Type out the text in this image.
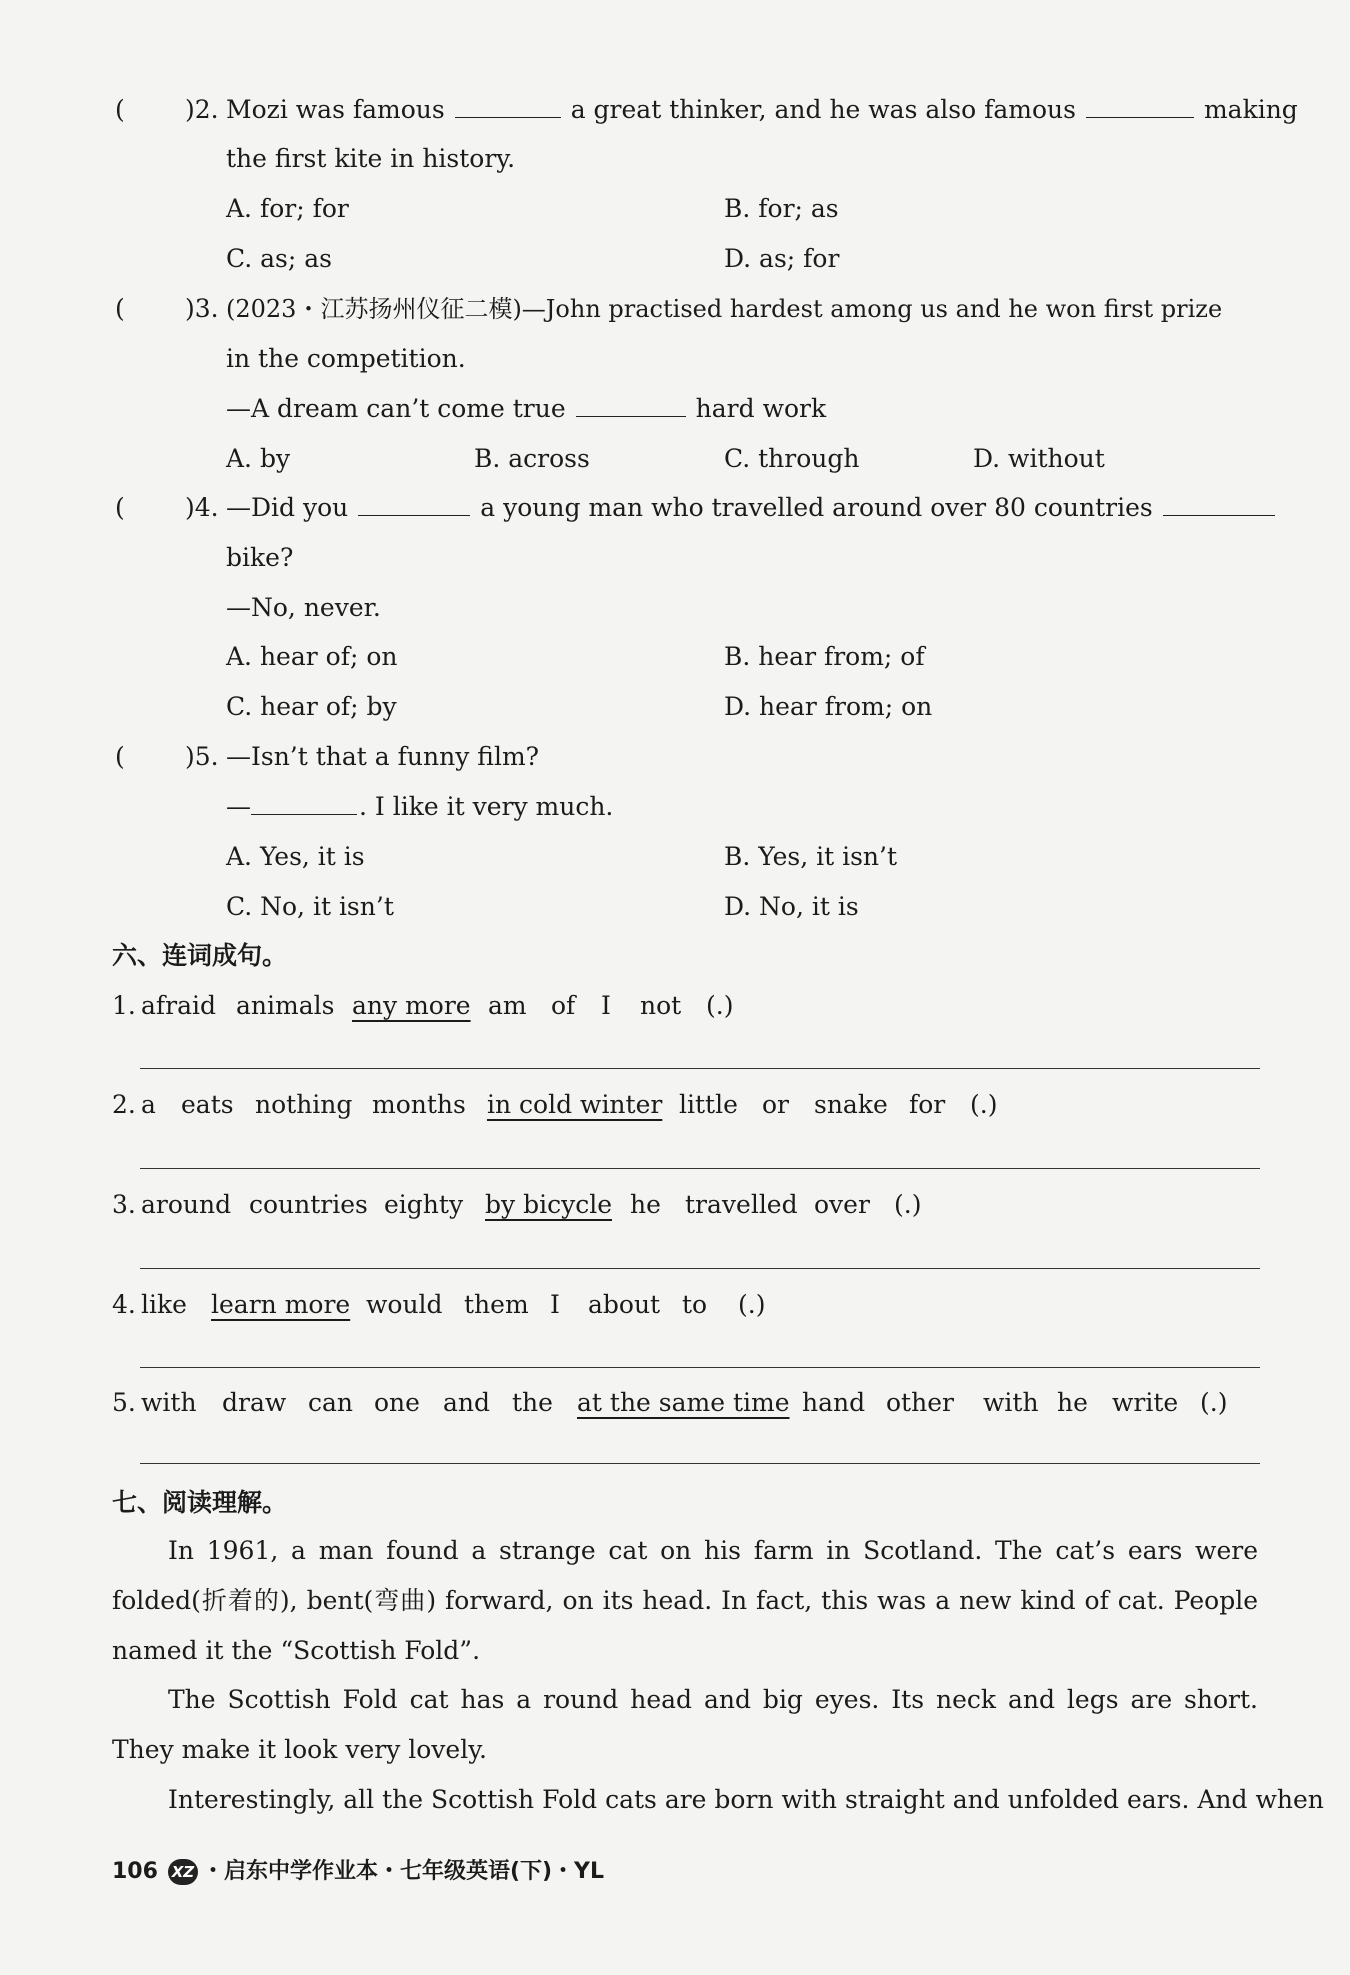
( )2. Mozi was famous	a great thinker, and he was also famous	making
the first kite in history.
A. for; for	B. for; as
C. as; as	D. as; for
( )3. (2023・江苏扬州仪征二模)—John practised hardest among us and he won first prize
in the competition.
—A dream can’t come true	hard work
A. by	B. across	C. through	D. without
( )4. —Did you	a young man who travelled around over 80 countries
bike?
—No, never.
A. hear of; on	B. hear from; of
C. hear of; by	D. hear from; on
( )5. —Isn’t that a funny film?
—	. I like it very much.
A. Yes, it is	B. Yes, it isn’t
C. No, it isn’t	D. No, it is
六、连词成句。
1. afraid animals any more am of I not (.)
2. a eats nothing months in cold winter little or snake for (.)
3. around countries eighty by bicycle he travelled over (.)
4. like learn more would them I about to (.)
5. with draw can one and the at the same time hand other with he write (.)
七、阅读理解。
In 1961, a man found a strange cat on his farm in Scotland. The cat’s ears were folded(折着的), bent(弯曲) forward, on its head. In fact, this was a new kind of cat. People named it the “Scottish Fold”.
The Scottish Fold cat has a round head and big eyes. Its neck and legs are short. They make it look very lovely.
Interestingly, all the Scottish Fold cats are born with straight and unfolded ears. And when
106 XZ ・启东中学作业本・七年级英语(下)・YL
